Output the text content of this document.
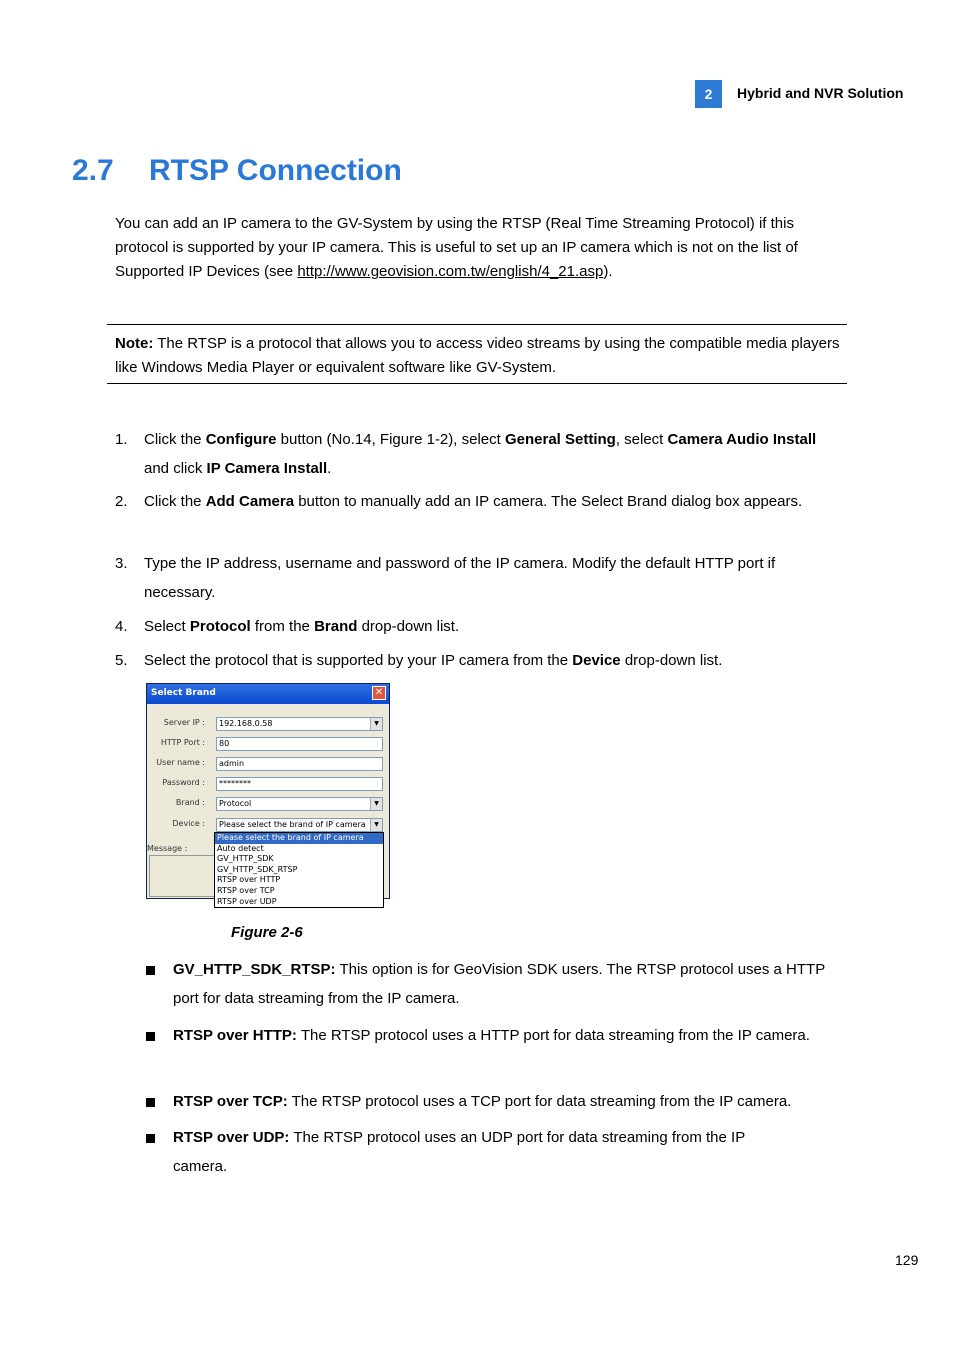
2	Hybrid and NVR Solution
2.7 RTSP Connection
You can add an IP camera to the GV-System by using the RTSP (Real Time Streaming Protocol) if this protocol is supported by your IP camera. This is useful to set up an IP camera which is not on the list of Supported IP Devices (see http://www.geovision.com.tw/english/4_21.asp).
Note: The RTSP is a protocol that allows you to access video streams by using the compatible media players like Windows Media Player or equivalent software like GV-System.
1. Click the Configure button (No.14, Figure 1-2), select General Setting, select Camera Audio Install and click IP Camera Install.
2. Click the Add Camera button to manually add an IP camera. The Select Brand dialog box appears.
3. Type the IP address, username and password of the IP camera. Modify the default HTTP port if necessary.
4. Select Protocol from the Brand drop-down list.
5. Select the protocol that is supported by your IP camera from the Device drop-down list.
Select Brand	✕
Server IP :	192.168.0.58	▼
HTTP Port :	80
User name :	admin
Password :	********
Brand :	Protocol	▼
Device :	Please select the brand of IP camera	▼
Message :
Please select the brand of IP camera
Auto detect
GV_HTTP_SDK
GV_HTTP_SDK_RTSP
RTSP over HTTP
RTSP over TCP
RTSP over UDP
Figure 2-6
GV_HTTP_SDK_RTSP: This option is for GeoVision SDK users. The RTSP protocol uses a HTTP port for data streaming from the IP camera.
RTSP over HTTP: The RTSP protocol uses a HTTP port for data streaming from the IP camera.
RTSP over TCP: The RTSP protocol uses a TCP port for data streaming from the IP camera.
RTSP over UDP: The RTSP protocol uses an UDP port for data streaming from the IP camera.
129
